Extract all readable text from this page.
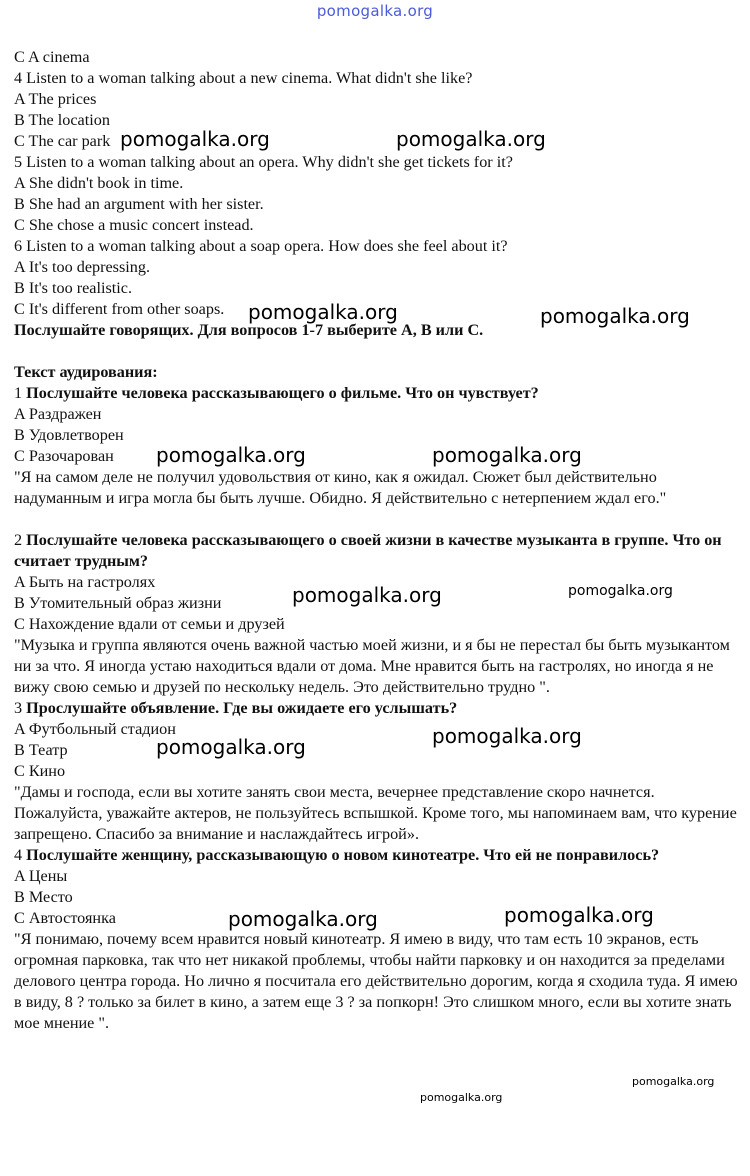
pomogalka.org
C A cinema
4 Listen to a woman talking about a new cinema. What didn't she like?
A The prices
B The location
C The car park
5 Listen to a woman talking about an opera. Why didn't she get tickets for it?
A She didn't book in time.
B She had an argument with her sister.
C She chose a music concert instead.
6 Listen to a woman talking about a soap opera. How does she feel about it?
A It's too depressing.
B It's too realistic.
C It's different from other soaps.
Послушайте говорящих. Для вопросов 1-7 выберите A, B или C.
Текст аудирования:
1 Послушайте человека рассказывающего о фильме. Что он чувствует?
A Раздражен
B Удовлетворен
C Разочарован
"Я на самом деле не получил удовольствия от кино, как я ожидал. Сюжет был действительно надуманным и игра могла бы быть лучше. Обидно. Я действительно с нетерпением ждал его."
2 Послушайте человека рассказывающего о своей жизни в качестве музыканта в группе. Что он считает трудным?
A Быть на гастролях
B Утомительный образ жизни
C Нахождение вдали от семьи и друзей
"Музыка и группа являются очень важной частью моей жизни, и я бы не перестал бы быть музыкантом ни за что. Я иногда устаю находиться вдали от дома. Мне нравится быть на гастролях, но иногда я не вижу свою семью и друзей по нескольку недель. Это действительно трудно ".
3 Прослушайте объявление. Где вы ожидаете его услышать?
A Футбольный стадион
B Театр
C Кино
"Дамы и господа, если вы хотите занять свои места, вечернее представление скоро начнется. Пожалуйста, уважайте актеров, не пользуйтесь вспышкой. Кроме того, мы напоминаем вам, что курение запрещено. Спасибо за внимание и наслаждайтесь игрой».
4 Послушайте женщину, рассказывающую о новом кинотеатре. Что ей не понравилось?
A Цены
B Место
C Автостоянка
"Я понимаю, почему всем нравится новый кинотеатр. Я имею в виду, что там есть 10 экранов, есть огромная парковка, так что нет никакой проблемы, чтобы найти парковку и он находится за пределами делового центра города. Но лично я посчитала его действительно дорогим, когда я сходила туда. Я имею в виду, 8 ? только за билет в кино, а затем еще 3 ? за попкорн! Это слишком много, если вы хотите знать мое мнение ".
pomogalka.org	pomogalka.org
pomogalka.org	pomogalka.org
pomogalka.org	pomogalka.org
pomogalka.org	pomogalka.org
pomogalka.org	pomogalka.org
pomogalka.org	pomogalka.org
pomogalka.org
pomogalka.org
